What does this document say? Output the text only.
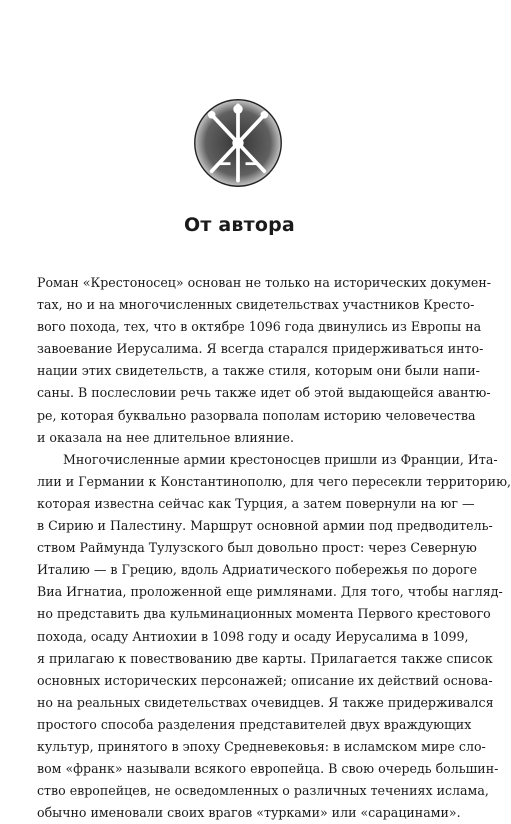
От автора
Роман «Крестоносец» основан не только на исторических докумен-
тах, но и на многочисленных свидетельствах участников Кресто-
вого похода, тех, что в октябре 1096 года двинулись из Европы на
завоевание Иерусалима. Я всегда старался придерживаться инто-
нации этих свидетельств, а также стиля, которым они были напи-
саны. В послесловии речь также идет об этой выдающейся авантю-
ре, которая буквально разорвала пополам историю человечества
и оказала на нее длительное влияние.
Многочисленные армии крестоносцев пришли из Франции, Ита-
лии и Германии к Константинополю, для чего пересекли территорию,
которая известна сейчас как Турция, а затем повернули на юг —
в Сирию и Палестину. Маршрут основной армии под предводитель-
ством Раймунда Тулузского был довольно прост: через Северную
Италию — в Грецию, вдоль Адриатического побережья по дороге
Виа Игнатиа, проложенной еще римлянами. Для того, чтобы нагляд-
но представить два кульминационных момента Первого крестового
похода, осаду Антиохии в 1098 году и осаду Иерусалима в 1099,
я прилагаю к повествованию две карты. Прилагается также список
основных исторических персонажей; описание их действий основа-
но на реальных свидетельствах очевидцев. Я также придерживался
простого способа разделения представителей двух враждующих
культур, принятого в эпоху Средневековья: в исламском мире сло-
вом «франк» называли всякого европейца. В свою очередь большин-
ство европейцев, не осведомленных о различных течениях ислама,
обычно именовали своих врагов «турками» или «сарацинами».
